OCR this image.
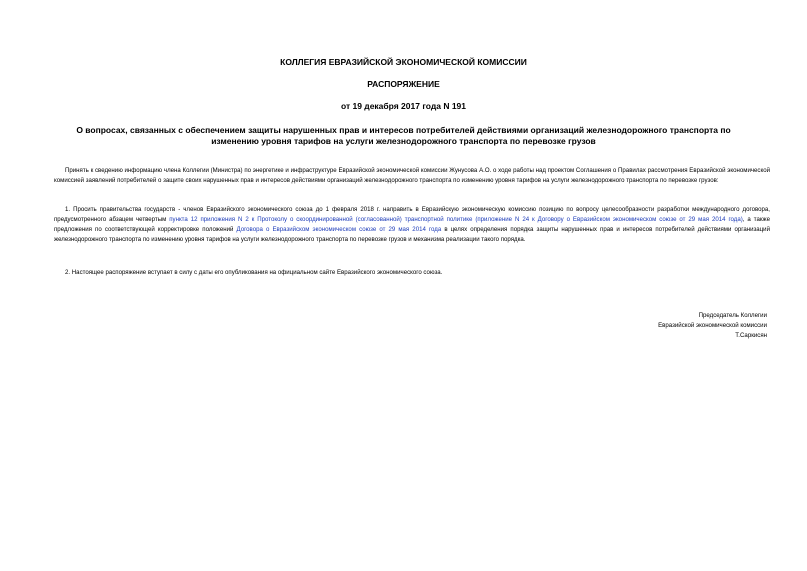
КОЛЛЕГИЯ ЕВРАЗИЙСКОЙ ЭКОНОМИЧЕСКОЙ КОМИССИИ
РАСПОРЯЖЕНИЕ
от 19 декабря 2017 года N 191
О вопросах, связанных с обеспечением защиты нарушенных прав и интересов потребителей действиями организаций железнодорожного транспорта по изменению уровня тарифов на услуги железнодорожного транспорта по перевозке грузов
Принять к сведению информацию члена Коллегии (Министра) по энергетике и инфраструктуре Евразийской экономической комиссии Жунусова А.О. о ходе работы над проектом Соглашения о Правилах рассмотрения Евразийской экономической комиссией заявлений потребителей о защите своих нарушенных прав и интересов действиями организаций железнодорожного транспорта по изменению уровня тарифов на услуги железнодорожного транспорта по перевозке грузов:
1. Просить правительства государств - членов Евразийского экономического союза до 1 февраля 2018 г. направить в Евразийскую экономическую комиссию позицию по вопросу целесообразности разработки международного договора, предусмотренного абзацем четвертым пункта 12 приложения N 2 к Протоколу о скоординированной (согласованной) транспортной политике (приложение N 24 к Договору о Евразийском экономическом союзе от 29 мая 2014 года), а также предложения по соответствующей корректировке положений Договора о Евразийском экономическом союзе от 29 мая 2014 года в целях определения порядка защиты нарушенных прав и интересов потребителей действиями организаций железнодорожного транспорта по изменению уровня тарифов на услуги железнодорожного транспорта по перевозке грузов и механизма реализации такого порядка.
2. Настоящее распоряжение вступает в силу с даты его опубликования на официальном сайте Евразийского экономического союза.
Председатель Коллегии
Евразийской экономической комиссии
Т.Саркисян
